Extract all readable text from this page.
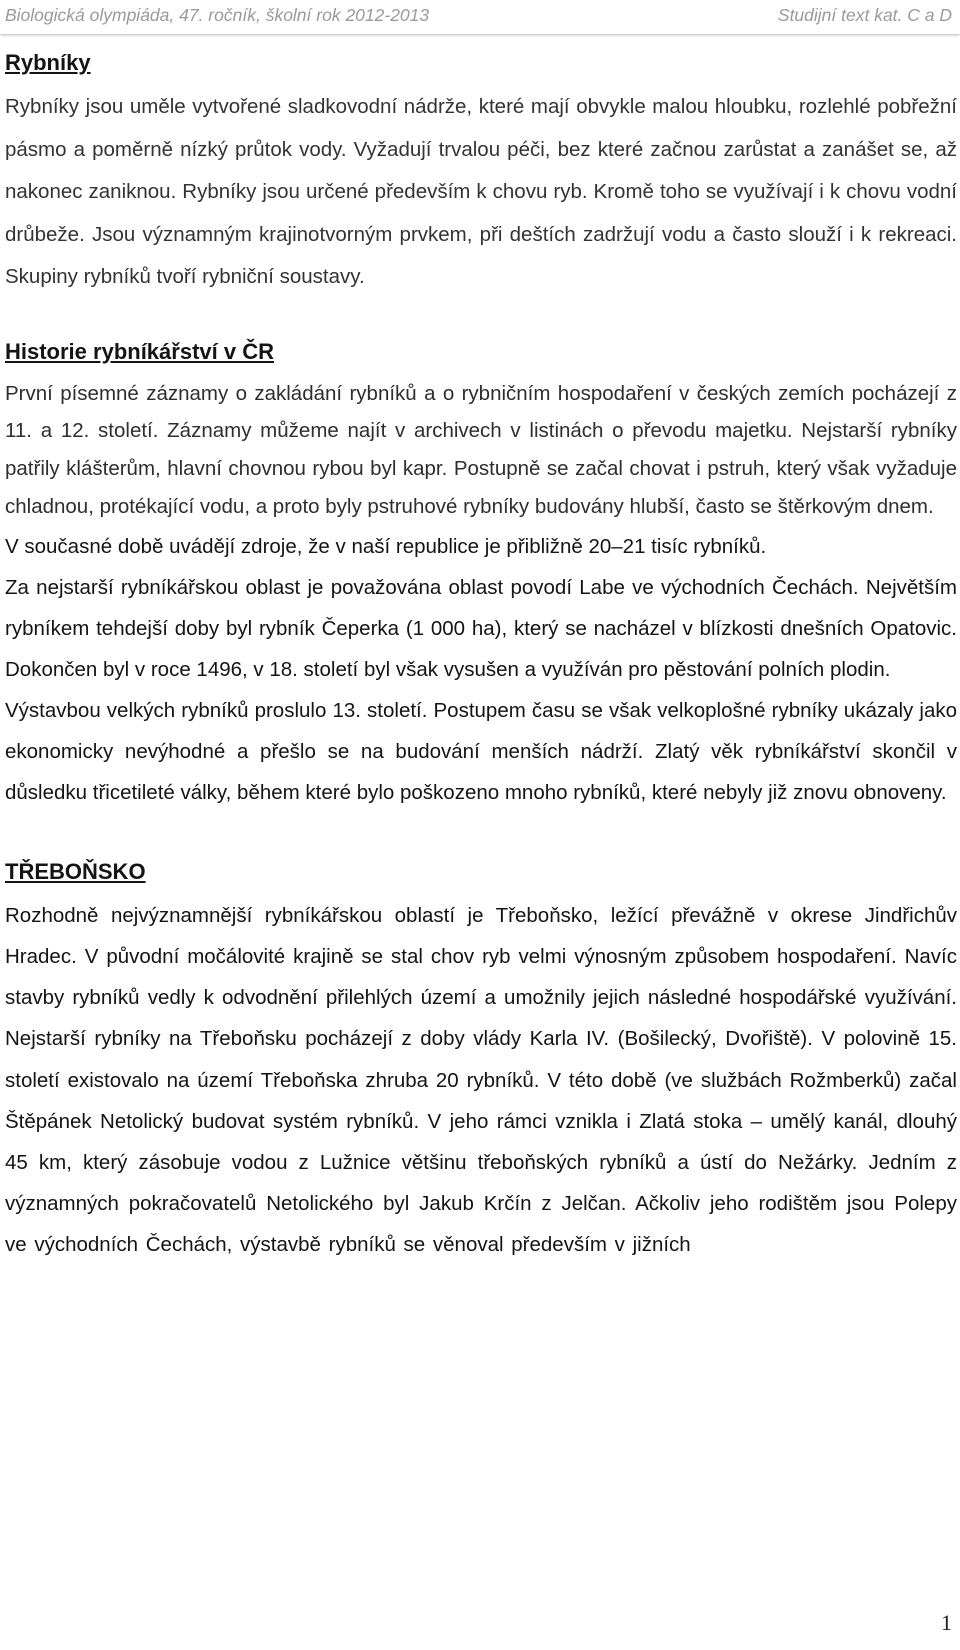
Biologická olympiáda, 47. ročník, školní rok 2012-2013	Studijní text kat. C a D
Rybníky

Rybníky jsou uměle vytvořené sladkovodní nádrže, které mají obvykle malou hloubku, rozlehlé pobřežní pásmo a poměrně nízký průtok vody. Vyžadují trvalou péči, bez které začnou zarůstat a zanášet se, až nakonec zaniknou. Rybníky jsou určené především k chovu ryb. Kromě toho se využívají i k chovu vodní drůbeže. Jsou významným krajinotvorným prvkem, při deštích zadržují vodu a často slouží i k rekreaci. Skupiny rybníků tvoří rybniční soustavy.

Historie rybníkářství v ČR

První písemné záznamy o zakládání rybníků a o rybničním hospodaření v českých zemích pocházejí z 11. a 12. století. Záznamy můžeme najít v archivech v listinách o převodu majetku. Nejstarší rybníky patřily klášterům, hlavní chovnou rybou byl kapr. Postupně se začal chovat i pstruh, který však vyžaduje chladnou, protékající vodu, a proto byly pstruhové rybníky budovány hlubší, často se štěrkovým dnem.

V současné době uvádějí zdroje, že v naší republice je přibližně 20–21 tisíc rybníků.

Za nejstarší rybníkářskou oblast je považována oblast povodí Labe ve východních Čechách. Největším rybníkem tehdejší doby byl rybník Čeperka (1 000 ha), který se nacházel v blízkosti dnešních Opatovic. Dokončen byl v roce 1496, v 18. století byl však vysušen a využíván pro pěstování polních plodin.

Výstavbou velkých rybníků proslulo 13. století. Postupem času se však velkoplošné rybníky ukázaly jako ekonomicky nevýhodné a přešlo se na budování menších nádrží. Zlatý věk rybníkářství skončil v důsledku třicetileté války, během které bylo poškozeno mnoho rybníků, které nebyly již znovu obnoveny.

TŘEBOŇSKO

Rozhodně nejvýznamnější rybníkářskou oblastí je Třeboňsko, ležící převážně v okrese Jindřichův Hradec. V původní močálovité krajině se stal chov ryb velmi výnosným způsobem hospodaření. Navíc stavby rybníků vedly k odvodnění přilehlých území a umožnily jejich následné hospodářské využívání. Nejstarší rybníky na Třeboňsku pocházejí z doby vlády Karla IV. (Bošilecký, Dvořiště). V polovině 15. století existovalo na území Třeboňska zhruba 20 rybníků. V této době (ve službách Rožmberků) začal Štěpánek Netolický budovat systém rybníků. V jeho rámci vznikla i Zlatá stoka – umělý kanál, dlouhý 45 km, který zásobuje vodou z Lužnice většinu třeboňských rybníků a ústí do Nežárky. Jedním z významných pokračovatelů Netolického byl Jakub Krčín z Jelčan. Ačkoliv jeho rodištěm jsou Polepy ve východních Čechách, výstavbě rybníků se věnoval především v jižních

1
